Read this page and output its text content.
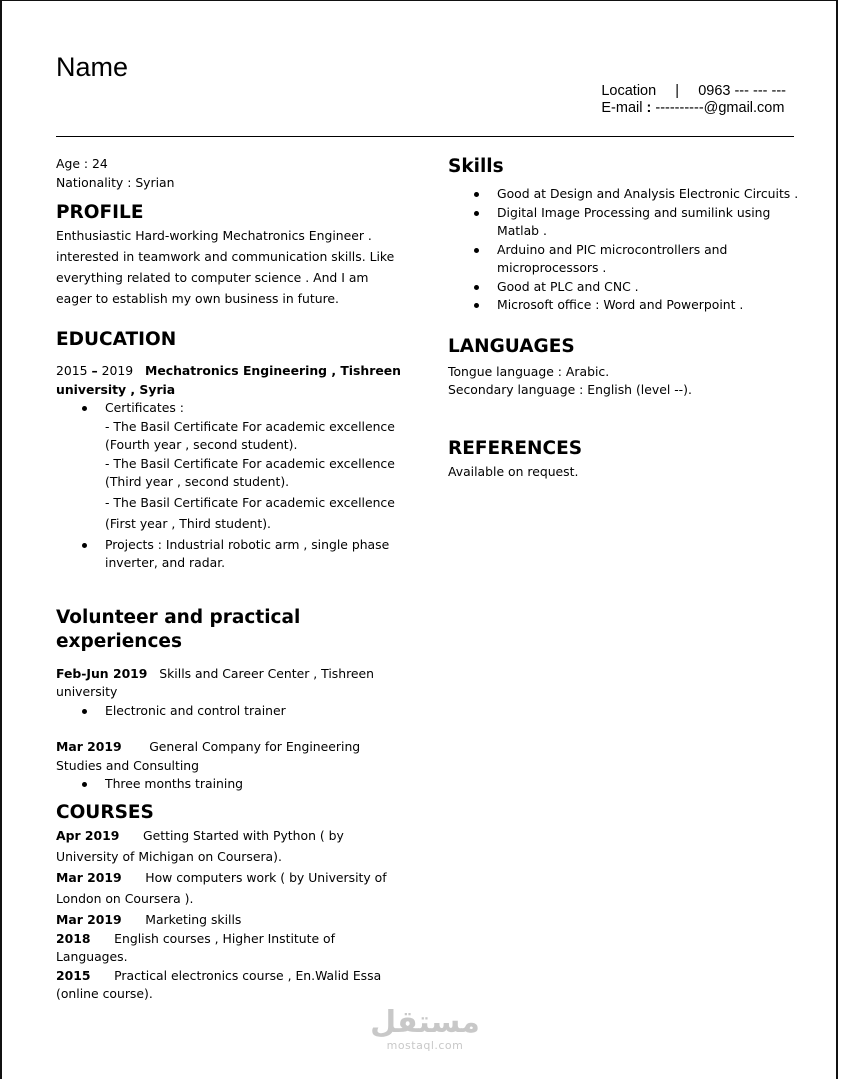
Name
Location | 0963 --- --- ---
E-mail : ----------@gmail.com

Age : 24

Nationality : Syrian

PROFILE

Enthusiastic Hard-working Mechatronics Engineer . interested in teamwork and communication skills. Like everything related to computer science . And I am eager to establish my own business in future.

EDUCATION

2015 – 2019 Mechatronics Engineering , Tishreen university , Syria

Certificates :
- The Basil Certificate For academic excellence (Fourth year , second student).
- The Basil Certificate For academic excellence (Third year , second student).
- The Basil Certificate For academic excellence (First year , Third student).
Projects : Industrial robotic arm , single phase inverter, and radar.
Volunteer and practical experiences

Feb-Jun 2019 Skills and Career Center , Tishreen university

Electronic and control trainer

Mar 2019 General Company for Engineering Studies and Consulting

Three months training
COURSES

Apr 2019 Getting Started with Python ( by University of Michigan on Coursera).

Mar 2019 How computers work ( by University of London on Coursera ).

Mar 2019 Marketing skills

2018 English courses , Higher Institute of Languages.

2015 Practical electronics course , En.Walid Essa (online course).

Skills
Good at Design and Analysis Electronic Circuits .
Digital Image Processing and sumilink using Matlab .
Arduino and PIC microcontrollers and microprocessors .
Good at PLC and CNC .
Microsoft office : Word and Powerpoint .
LANGUAGES

Tongue language : Arabic.

Secondary language : English (level --).

REFERENCES

Available on request.

مستقل
mostaql.com
